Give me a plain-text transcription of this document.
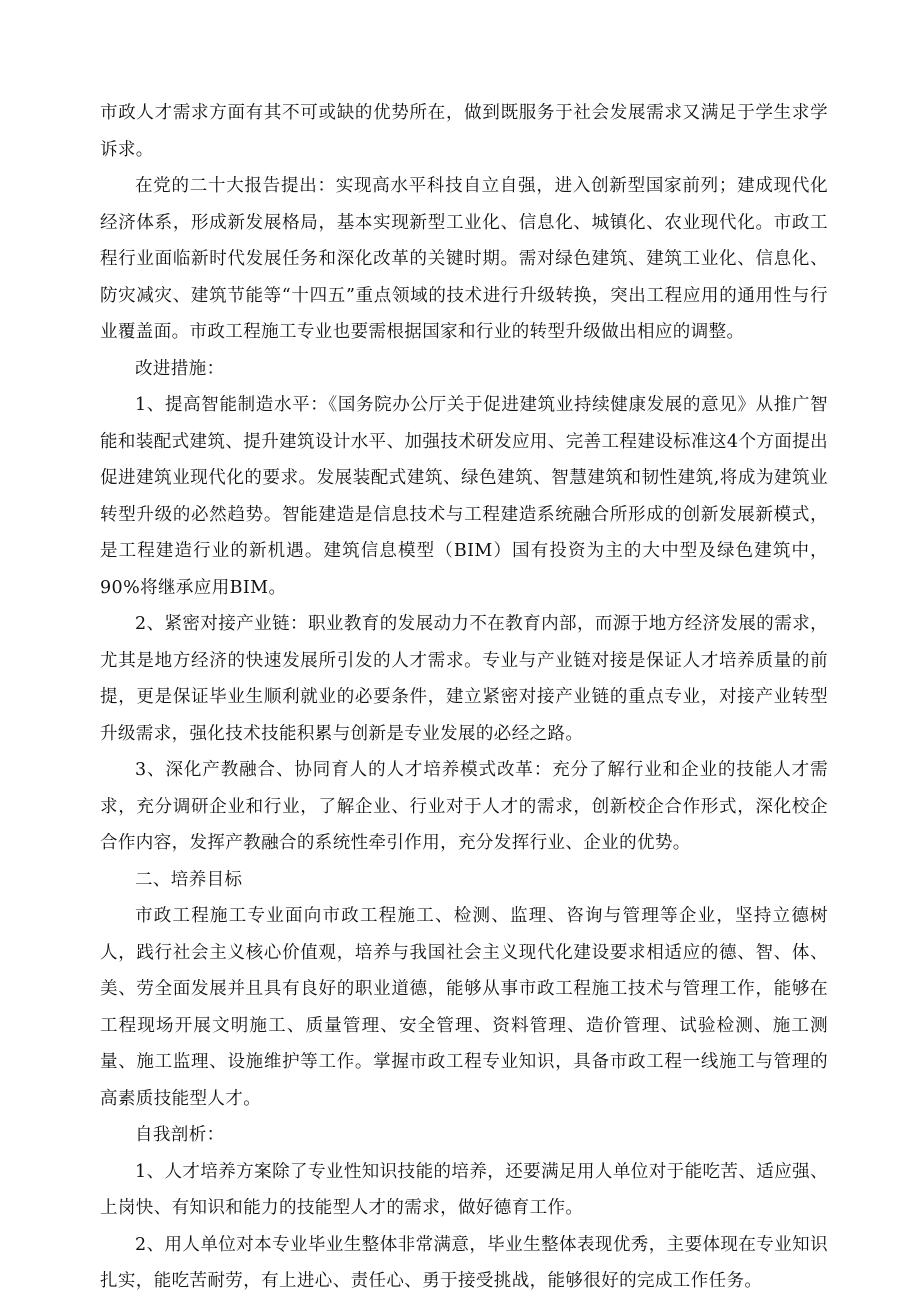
市政人才需求方面有其不可或缺的优势所在，做到既服务于社会发展需求又满足于学生求学诉求。

在党的二十大报告提出：实现高水平科技自立自强，进入创新型国家前列；建成现代化经济体系，形成新发展格局，基本实现新型工业化、信息化、城镇化、农业现代化。市政工程行业面临新时代发展任务和深化改革的关键时期。需对绿色建筑、建筑工业化、信息化、防灾减灾、建筑节能等“十四五”重点领域的技术进行升级转换，突出工程应用的通用性与行业覆盖面。市政工程施工专业也要需根据国家和行业的转型升级做出相应的调整。

改进措施：

1、提高智能制造水平：《国务院办公厅关于促进建筑业持续健康发展的意见》从推广智能和装配式建筑、提升建筑设计水平、加强技术研发应用、完善工程建设标准这4个方面提出促进建筑业现代化的要求。发展装配式建筑、绿色建筑、智慧建筑和韧性建筑,将成为建筑业转型升级的必然趋势。智能建造是信息技术与工程建造系统融合所形成的创新发展新模式，是工程建造行业的新机遇。建筑信息模型（BIM）国有投资为主的大中型及绿色建筑中，90%将继承应用BIM。

2、紧密对接产业链：职业教育的发展动力不在教育内部，而源于地方经济发展的需求，尤其是地方经济的快速发展所引发的人才需求。专业与产业链对接是保证人才培养质量的前提，更是保证毕业生顺利就业的必要条件，建立紧密对接产业链的重点专业，对接产业转型升级需求，强化技术技能积累与创新是专业发展的必经之路。

3、深化产教融合、协同育人的人才培养模式改革：充分了解行业和企业的技能人才需求，充分调研企业和行业，了解企业、行业对于人才的需求，创新校企合作形式，深化校企合作内容，发挥产教融合的系统性牵引作用，充分发挥行业、企业的优势。

二、培养目标

市政工程施工专业面向市政工程施工、检测、监理、咨询与管理等企业，坚持立德树人，践行社会主义核心价值观，培养与我国社会主义现代化建设要求相适应的德、智、体、美、劳全面发展并且具有良好的职业道德，能够从事市政工程施工技术与管理工作，能够在工程现场开展文明施工、质量管理、安全管理、资料管理、造价管理、试验检测、施工测量、施工监理、设施维护等工作。掌握市政工程专业知识，具备市政工程一线施工与管理的高素质技能型人才。

自我剖析：

1、人才培养方案除了专业性知识技能的培养，还要满足用人单位对于能吃苦、适应强、上岗快、有知识和能力的技能型人才的需求，做好德育工作。

2、用人单位对本专业毕业生整体非常满意，毕业生整体表现优秀，主要体现在专业知识扎实，能吃苦耐劳，有上进心、责任心、勇于接受挑战，能够很好的完成工作任务。
